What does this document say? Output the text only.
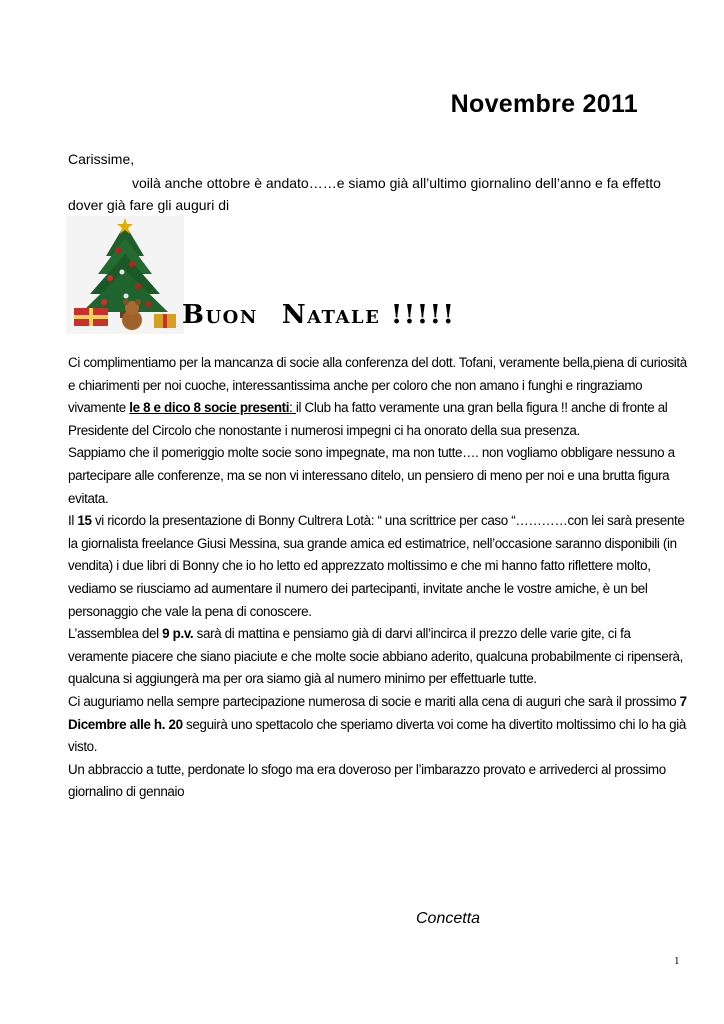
Novembre 2011
Carissime,
voilà anche ottobre è andato……e siamo già all’ultimo giornalino dell’anno e fa effetto
dover già fare gli auguri di
Buon Natale !!!!!

Ci complimentiamo per la mancanza di socie alla conferenza del dott. Tofani, veramente bella,piena di curiosità e chiarimenti per noi cuoche, interessantissima anche per coloro che non amano i funghi e ringraziamo vivamente le 8 e dico 8 socie presenti: il Club ha fatto veramente una gran bella figura !! anche di fronte al Presidente del Circolo che nonostante i numerosi impegni ci ha onorato della sua presenza.

Sappiamo che il pomeriggio molte socie sono impegnate, ma non tutte…. non vogliamo obbligare nessuno a partecipare alle conferenze, ma se non vi interessano ditelo, un pensiero di meno per noi e una brutta figura evitata.

Il 15 vi ricordo la presentazione di Bonny Cultrera Lotà: “ una scrittrice per caso “…………con lei sarà presente la giornalista freelance Giusi Messina, sua grande amica ed estimatrice, nell’occasione saranno disponibili (in vendita) i due libri di Bonny che io ho letto ed apprezzato moltissimo e che mi hanno fatto riflettere molto, vediamo se riusciamo ad aumentare il numero dei partecipanti, invitate anche le vostre amiche, è un bel personaggio che vale la pena di conoscere.

L’assemblea del 9 p.v. sarà di mattina e pensiamo già di darvi all’incirca il prezzo delle varie gite, ci fa veramente piacere che siano piaciute e che molte socie abbiano aderito, qualcuna probabilmente ci ripenserà, qualcuna si aggiungerà ma per ora siamo già al numero minimo per effettuarle tutte.

Ci auguriamo nella sempre partecipazione numerosa di socie e mariti alla cena di auguri che sarà il prossimo 7 Dicembre alle h. 20 seguirà uno spettacolo che speriamo diverta voi come ha divertito moltissimo chi lo ha già visto.

Un abbraccio a tutte, perdonate lo sfogo ma era doveroso per l’imbarazzo provato e arrivederci al prossimo giornalino di gennaio

Concetta
1
